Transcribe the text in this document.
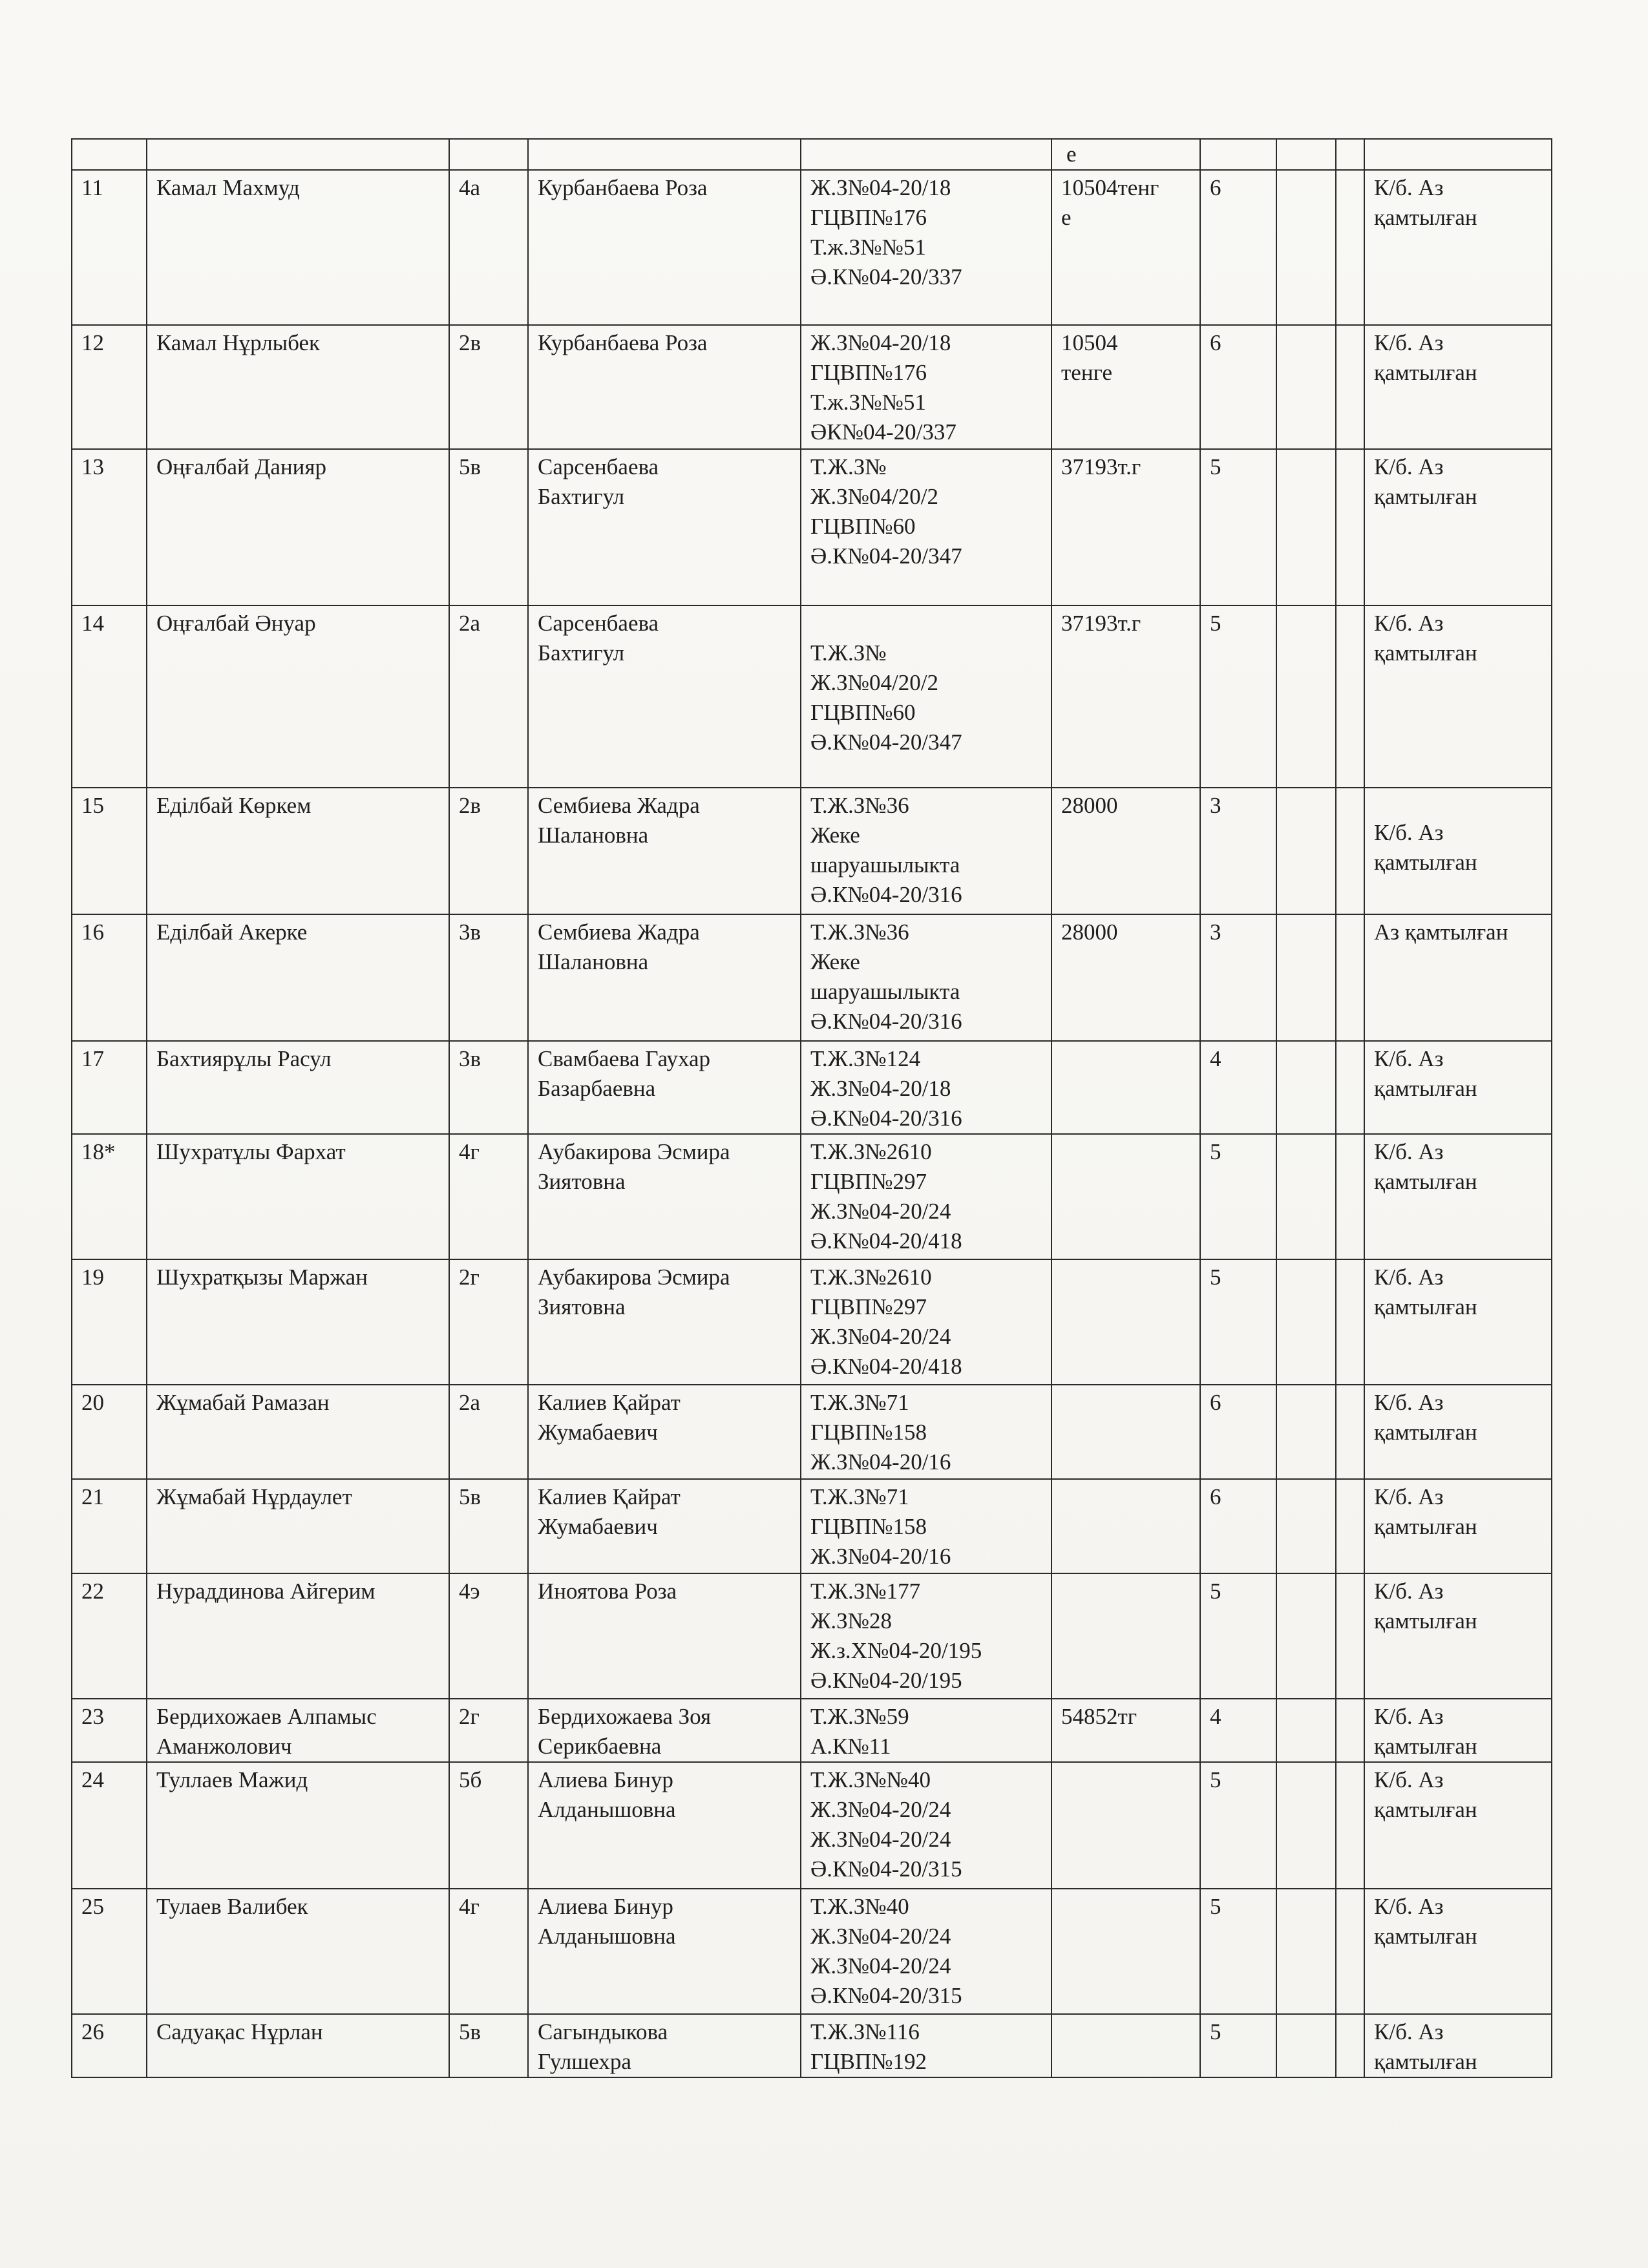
					е				
11	Камал Махмуд	4а	Курбанбаева Роза	Ж.З№04-20/18
ГЦВП№176
Т.ж.З№№51
Ә.К№04-20/337	10504тенг
е	6			К/б. Аз
қамтылған

12	Камал Нұрлыбек	2в	Курбанбаева Роза	Ж.З№04-20/18
ГЦВП№176
Т.ж.З№№51
ӘК№04-20/337	10504
тенге	6			К/б. Аз
қамтылған

13	Оңғалбай Данияр	5в	Сарсенбаева
Бахтигул	Т.Ж.З№
Ж.З№04/20/2
ГЦВП№60
Ә.К№04-20/347	37193т.г	5			К/б. Аз
қамтылған

14	Оңғалбай Әнуар	2а	Сарсенбаева
Бахтигул	Т.Ж.З№
Ж.З№04/20/2
ГЦВП№60
Ә.К№04-20/347	37193т.г	5			К/б. Аз
қамтылған

15	Еділбай Көркем	2в	Сембиева Жадра
Шалановна	Т.Ж.З№36
Жеке
шаруашылыкта
Ә.К№04-20/316	28000	3			К/б. Аз
қамтылған

16	Еділбай Акерке	3в	Сембиева Жадра
Шалановна	Т.Ж.З№36
Жеке
шаруашылыкта
Ә.К№04-20/316	28000	3			Аз қамтылған

17	Бахтиярұлы Расул	3в	Свамбаева Гаухар
Базарбаевна	Т.Ж.З№124
Ж.З№04-20/18
Ә.К№04-20/316		4			К/б. Аз
қамтылған

18*	Шухратұлы Фархат	4г	Аубакирова Эсмира
Зиятовна	Т.Ж.З№2610
ГЦВП№297
Ж.З№04-20/24
Ә.К№04-20/418		5			К/б. Аз
қамтылған

19	Шухратқызы Маржан	2г	Аубакирова Эсмира
Зиятовна	Т.Ж.З№2610
ГЦВП№297
Ж.З№04-20/24
Ә.К№04-20/418		5			К/б. Аз
қамтылған

20	Жұмабай Рамазан	2а	Калиев Қайрат
Жумабаевич	Т.Ж.З№71
ГЦВП№158
Ж.З№04-20/16		6			К/б. Аз
қамтылған

21	Жұмабай Нұрдаулет	5в	Калиев Қайрат
Жумабаевич	Т.Ж.З№71
ГЦВП№158
Ж.З№04-20/16		6			К/б. Аз
қамтылған

22	Нураддинова Айгерим	4э	Иноятова Роза	Т.Ж.З№177
Ж.З№28
Ж.з.Х№04-20/195
Ә.К№04-20/195		5			К/б. Аз
қамтылған

23	Бердихожаев Алпамыс
Аманжолович	2г	Бердихожаева Зоя
Серикбаевна	Т.Ж.З№59
А.К№11	54852тг	4			К/б. Аз
қамтылған

24	Туллаев Мажид	5б	Алиева Бинур
Алданышовна	Т.Ж.З№№40
Ж.З№04-20/24
Ж.З№04-20/24
Ә.К№04-20/315		5			К/б. Аз
қамтылған

25	Тулаев Валибек	4г	Алиева Бинур
Алданышовна	Т.Ж.З№40
Ж.З№04-20/24
Ж.З№04-20/24
Ә.К№04-20/315		5			К/б. Аз
қамтылған

26	Садуақас Нұрлан	5в	Сагындыкова
Гулшехра	Т.Ж.З№116
ГЦВП№192		5			К/б. Аз
қамтылған
